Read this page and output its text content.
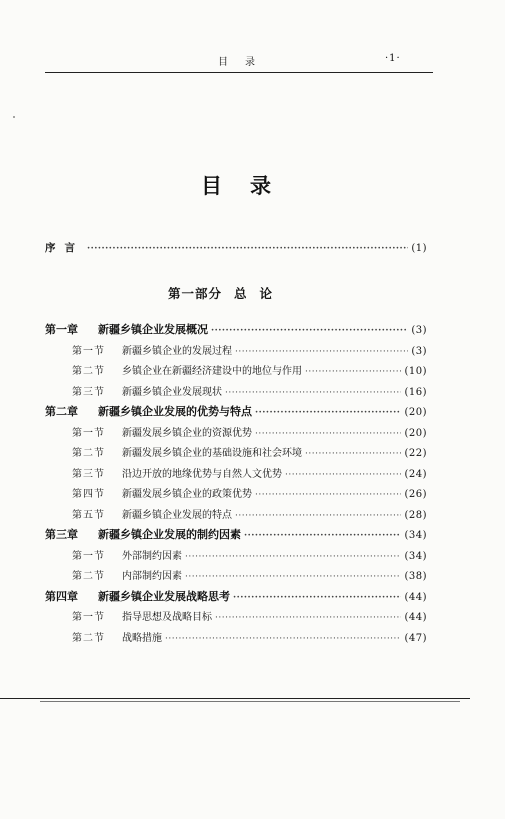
目录	·1·
目录
序言 ·····	(1)
第一部分 总 论
第一章	新疆乡镇企业发展概况 ·····	(3)
第一节	新疆乡镇企业的发展过程 ·····	(3)
第二节	乡镇企业在新疆经济建设中的地位与作用 ·····	(10)
第三节	新疆乡镇企业发展现状 ·····	(16)
第二章	新疆乡镇企业发展的优势与特点 ·····	(20)
第一节	新疆发展乡镇企业的资源优势 ·····	(20)
第二节	新疆发展乡镇企业的基础设施和社会环境 ·····	(22)
第三节	沿边开放的地缘优势与自然人文优势 ·····	(24)
第四节	新疆发展乡镇企业的政策优势 ·····	(26)
第五节	新疆乡镇企业发展的特点 ·····	(28)
第三章	新疆乡镇企业发展的制约因素 ·····	(34)
第一节	外部制约因素 ·····	(34)
第二节	内部制约因素 ·····	(38)
第四章	新疆乡镇企业发展战略思考 ·····	(44)
第一节	指导思想及战略目标 ·····	(44)
第二节	战略措施 ·····	(47)
